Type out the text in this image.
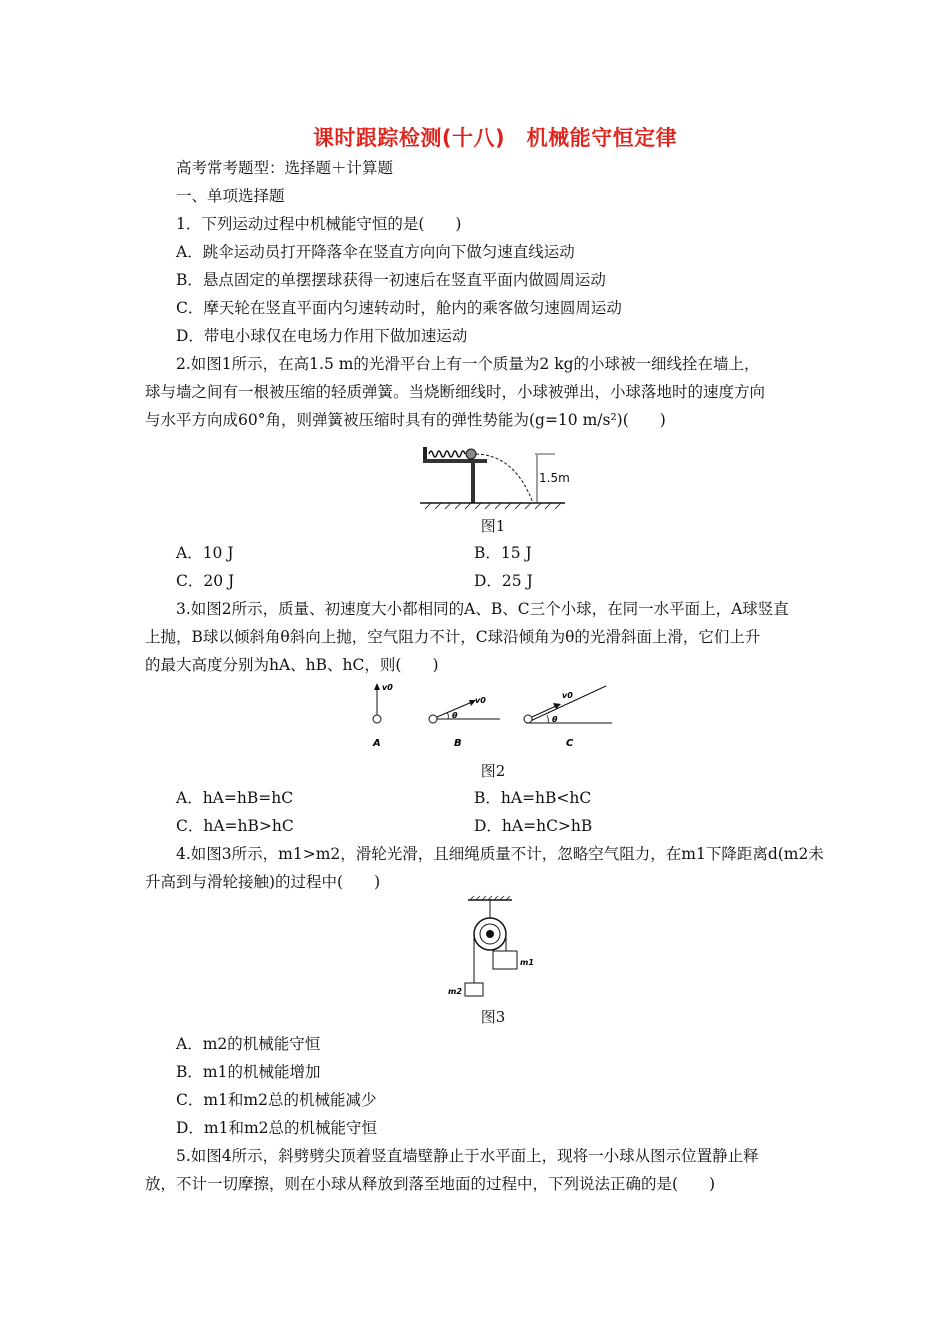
课时跟踪检测(十八)　机械能守恒定律
高考常考题型：选择题＋计算题
一、单项选择题
1．下列运动过程中机械能守恒的是(　　)
A．跳伞运动员打开降落伞在竖直方向向下做匀速直线运动
B．悬点固定的单摆摆球获得一初速后在竖直平面内做圆周运动
C．摩天轮在竖直平面内匀速转动时，舱内的乘客做匀速圆周运动
D．带电小球仅在电场力作用下做加速运动
2.如图1所示，在高1.5 m的光滑平台上有一个质量为2 kg的小球被一细线拴在墙上，
球与墙之间有一根被压缩的轻质弹簧。当烧断细线时，小球被弹出，小球落地时的速度方向
与水平方向成60°角，则弹簧被压缩时具有的弹性势能为(g=10 m/s²)(　　)
1.5m
图1
A．10 J	B．15 J
C．20 J	D．25 J
3.如图2所示，质量、初速度大小都相同的A、B、C三个小球，在同一水平面上，A球竖直
上抛，B球以倾斜角θ斜向上抛，空气阻力不计，C球沿倾角为θ的光滑斜面上滑，它们上升
的最大高度分别为hA、hB、hC，则(　　)
v0
A
v0
θ
B
v0
θ
C
图2
A．hA=hB=hC	B．hA=hB<hC
C．hA=hB>hC	D．hA=hC>hB
4.如图3所示，m1>m2，滑轮光滑，且细绳质量不计，忽略空气阻力，在m1下降距离d(m2未
升高到与滑轮接触)的过程中(　　)
m1
m2
图3
A．m2的机械能守恒
B．m1的机械能增加
C．m1和m2总的机械能减少
D．m1和m2总的机械能守恒
5.如图4所示，斜劈劈尖顶着竖直墙壁静止于水平面上，现将一小球从图示位置静止释
放，不计一切摩擦，则在小球从释放到落至地面的过程中，下列说法正确的是(　　)
